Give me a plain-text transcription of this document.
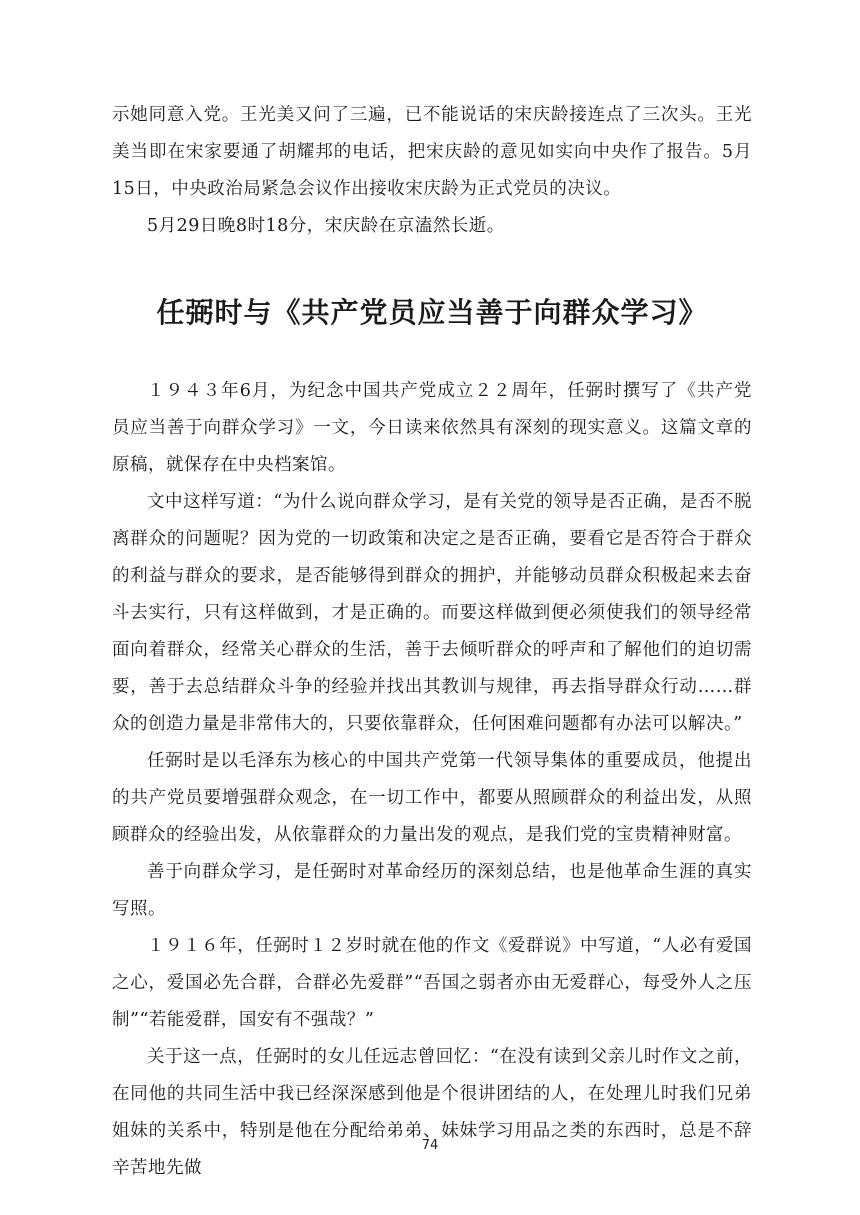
示她同意入党。王光美又问了三遍，已不能说话的宋庆龄接连点了三次头。王光美当即在宋家要通了胡耀邦的电话，把宋庆龄的意见如实向中央作了报告。5月15日，中央政治局紧急会议作出接收宋庆龄为正式党员的决议。

5月29日晚8时18分，宋庆龄在京溘然长逝。

任弼时与《共产党员应当善于向群众学习》

１９４３年6月，为纪念中国共产党成立２２周年，任弼时撰写了《共产党员应当善于向群众学习》一文，今日读来依然具有深刻的现实意义。这篇文章的原稿，就保存在中央档案馆。

文中这样写道：“为什么说向群众学习，是有关党的领导是否正确，是否不脱离群众的问题呢？因为党的一切政策和决定之是否正确，要看它是否符合于群众的利益与群众的要求，是否能够得到群众的拥护，并能够动员群众积极起来去奋斗去实行，只有这样做到，才是正确的。而要这样做到便必须使我们的领导经常面向着群众，经常关心群众的生活，善于去倾听群众的呼声和了解他们的迫切需要，善于去总结群众斗争的经验并找出其教训与规律，再去指导群众行动……群众的创造力量是非常伟大的，只要依靠群众，任何困难问题都有办法可以解决。”

任弼时是以毛泽东为核心的中国共产党第一代领导集体的重要成员，他提出的共产党员要增强群众观念，在一切工作中，都要从照顾群众的利益出发，从照顾群众的经验出发，从依靠群众的力量出发的观点，是我们党的宝贵精神财富。

善于向群众学习，是任弼时对革命经历的深刻总结，也是他革命生涯的真实写照。

１９１６年，任弼时１２岁时就在他的作文《爱群说》中写道，“人必有爱国之心，爱国必先合群，合群必先爱群”“吾国之弱者亦由无爱群心，每受外人之压制”“若能爱群，国安有不强哉？”

关于这一点，任弼时的女儿任远志曾回忆：“在没有读到父亲儿时作文之前，在同他的共同生活中我已经深深感到他是个很讲团结的人，在处理儿时我们兄弟姐妹的关系中，特别是他在分配给弟弟、妹妹学习用品之类的东西时，总是不辞辛苦地先做

74
